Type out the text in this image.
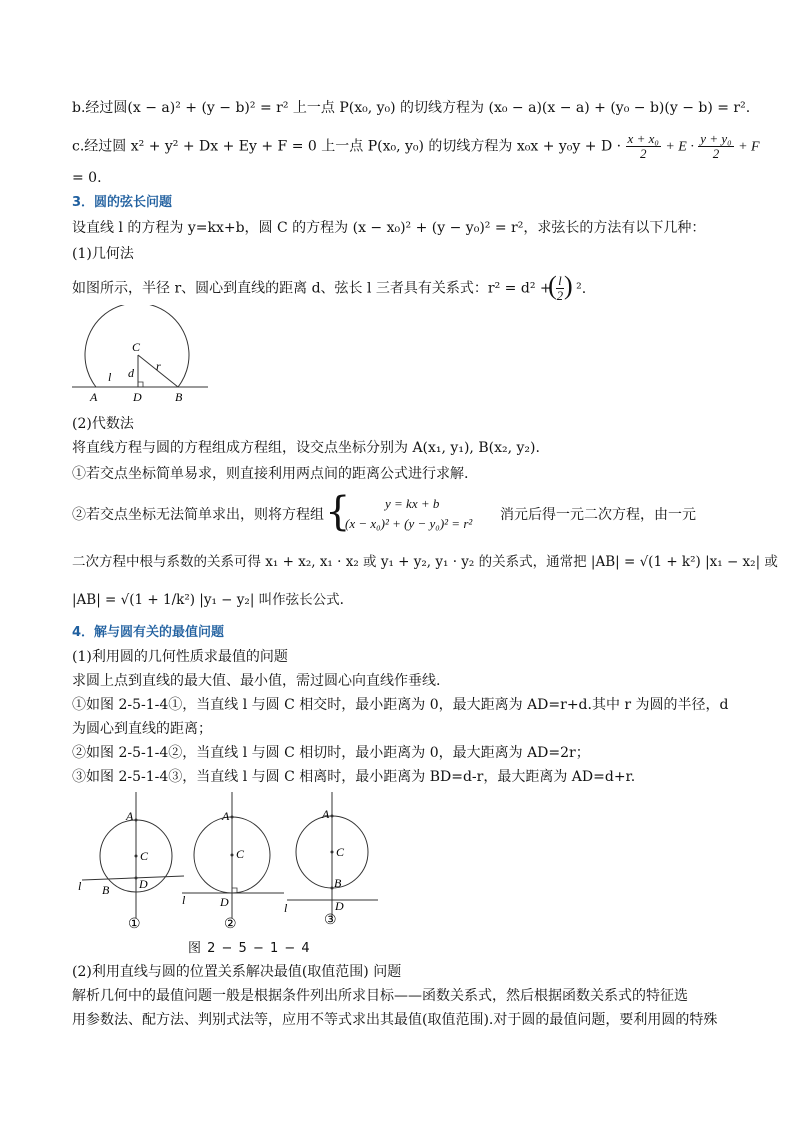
b.经过圆(x − a)² + (y − b)² = r² 上一点 P(x₀, y₀) 的切线方程为 (x₀ − a)(x − a) + (y₀ − b)(y − b) = r².
c.经过圆 x² + y² + Dx + Ey + F = 0 上一点 P(x₀, y₀) 的切线方程为 $x_0x + y_0y + D \cdot \frac{\text{x + x₀}}{2} + E \cdot \frac{\text{y + y₀}}{2} + F$
= 0.
3．圆的弦长问题
设直线 l 的方程为 y=kx+b，圆 C 的方程为 (x − x₀)² + (y − y₀)² = r²，求弦长的方法有以下几种：
(1)几何法
如图所示，半径 r、圆心到直线的距离 d、弦长 l 三者具有关系式：r² = d² +
( l
2 ) ².
C
d r
l
A	D	B
(2)代数法
将直线方程与圆的方程组成方程组，设交点坐标分别为 A(x₁, y₁), B(x₂, y₂).
①若交点坐标简单易求，则直接利用两点间的距离公式进行求解.
②若交点坐标无法简单求出，则将方程组 {	y = kx + b
(x − x₀)² + (y − y₀)² = r²
消元后得一元二次方程，由一元
二次方程中根与系数的关系可得 x₁ + x₂, x₁ · x₂ 或 y₁ + y₂, y₁ · y₂ 的关系式，通常把 |AB| = √(1 + k²) |x₁ − x₂| 或
|AB| = √(1 + 1/k²) |y₁ − y₂| 叫作弦长公式.
4．解与圆有关的最值问题
(1)利用圆的几何性质求最值的问题
求圆上点到直线的最大值、最小值，需过圆心向直线作垂线.
①如图 2-5-1-4①，当直线 l 与圆 C 相交时，最小距离为 0，最大距离为 AD=r+d.其中 r 为圆的半径，d
为圆心到直线的距离；
②如图 2-5-1-4②，当直线 l 与圆 C 相切时，最小距离为 0，最大距离为 AD=2r；
③如图 2-5-1-4③，当直线 l 与圆 C 相离时，最小距离为 BD=d-r，最大距离为 AD=d+r.
A
C
D
B
l
①
A
C
D
l
②
A
C
B
D
l
③
图 2 − 5 − 1 − 4
(2)利用直线与圆的位置关系解决最值(取值范围) 问题
解析几何中的最值问题一般是根据条件列出所求目标——函数关系式，然后根据函数关系式的特征选
用参数法、配方法、判别式法等，应用不等式求出其最值(取值范围).对于圆的最值问题，要利用圆的特殊
